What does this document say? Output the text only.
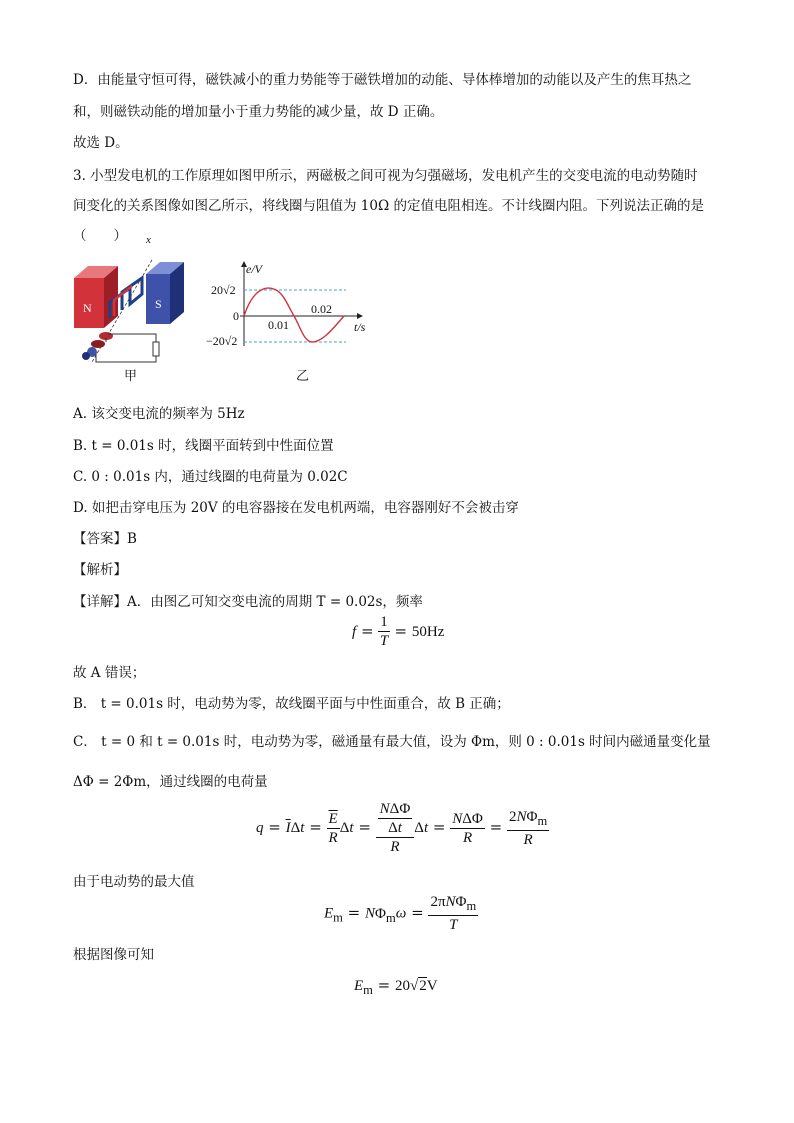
D．由能量守恒可得，磁铁减小的重力势能等于磁铁增加的动能、导体棒增加的动能以及产生的焦耳热之
和，则磁铁动能的增加量小于重力势能的减少量，故 D 正确。
故选 D。
3. 小型发电机的工作原理如图甲所示，两磁极之间可视为匀强磁场，发电机产生的交变电流的电动势随时
间变化的关系图像如图乙所示，将线圈与阻值为 10Ω 的定值电阻相连。不计线圈内阻。下列说法正确的是
（　　）
N	S
x
甲
e/V
20√2
0
−20√2
0.01
0.02
t/s
乙
A. 该交变电流的频率为 5Hz
B. t = 0.01s 时，线圈平面转到中性面位置
C. 0 : 0.01s 内，通过线圈的电荷量为 0.02C
D. 如把击穿电压为 20V 的电容器接在发电机两端，电容器刚好不会被击穿
【答案】B
【解析】
【详解】A．由图乙可知交变电流的周期 T = 0.02s，频率
$f = \frac{1}{T} = 50Hz$
故 A 错误；
B． t = 0.01s 时，电动势为零，故线圈平面与中性面重合，故 B 正确；
C． t = 0 和 t = 0.01s 时，电动势为零，磁通量有最大值，设为 Φm，则 0 : 0.01s 时间内磁通量变化量
ΔΦ = 2Φm，通过线圈的电荷量
$q = \overline{I}\Delta t = \frac{\overline{E}}{R}$ $\Delta t = \frac{\frac{\text{NΔΦ}}{\Delta t}}{R}$ $\Delta t = \frac{\text{NΔΦ}}{R} = \frac{2N\Phi_m}{R}$
由于电动势的最大值
$E_m = N\Phi_m\omega = \frac{2\pi N\Phi_m}{T}$
根据图像可知
$E_m = 20√2V$
